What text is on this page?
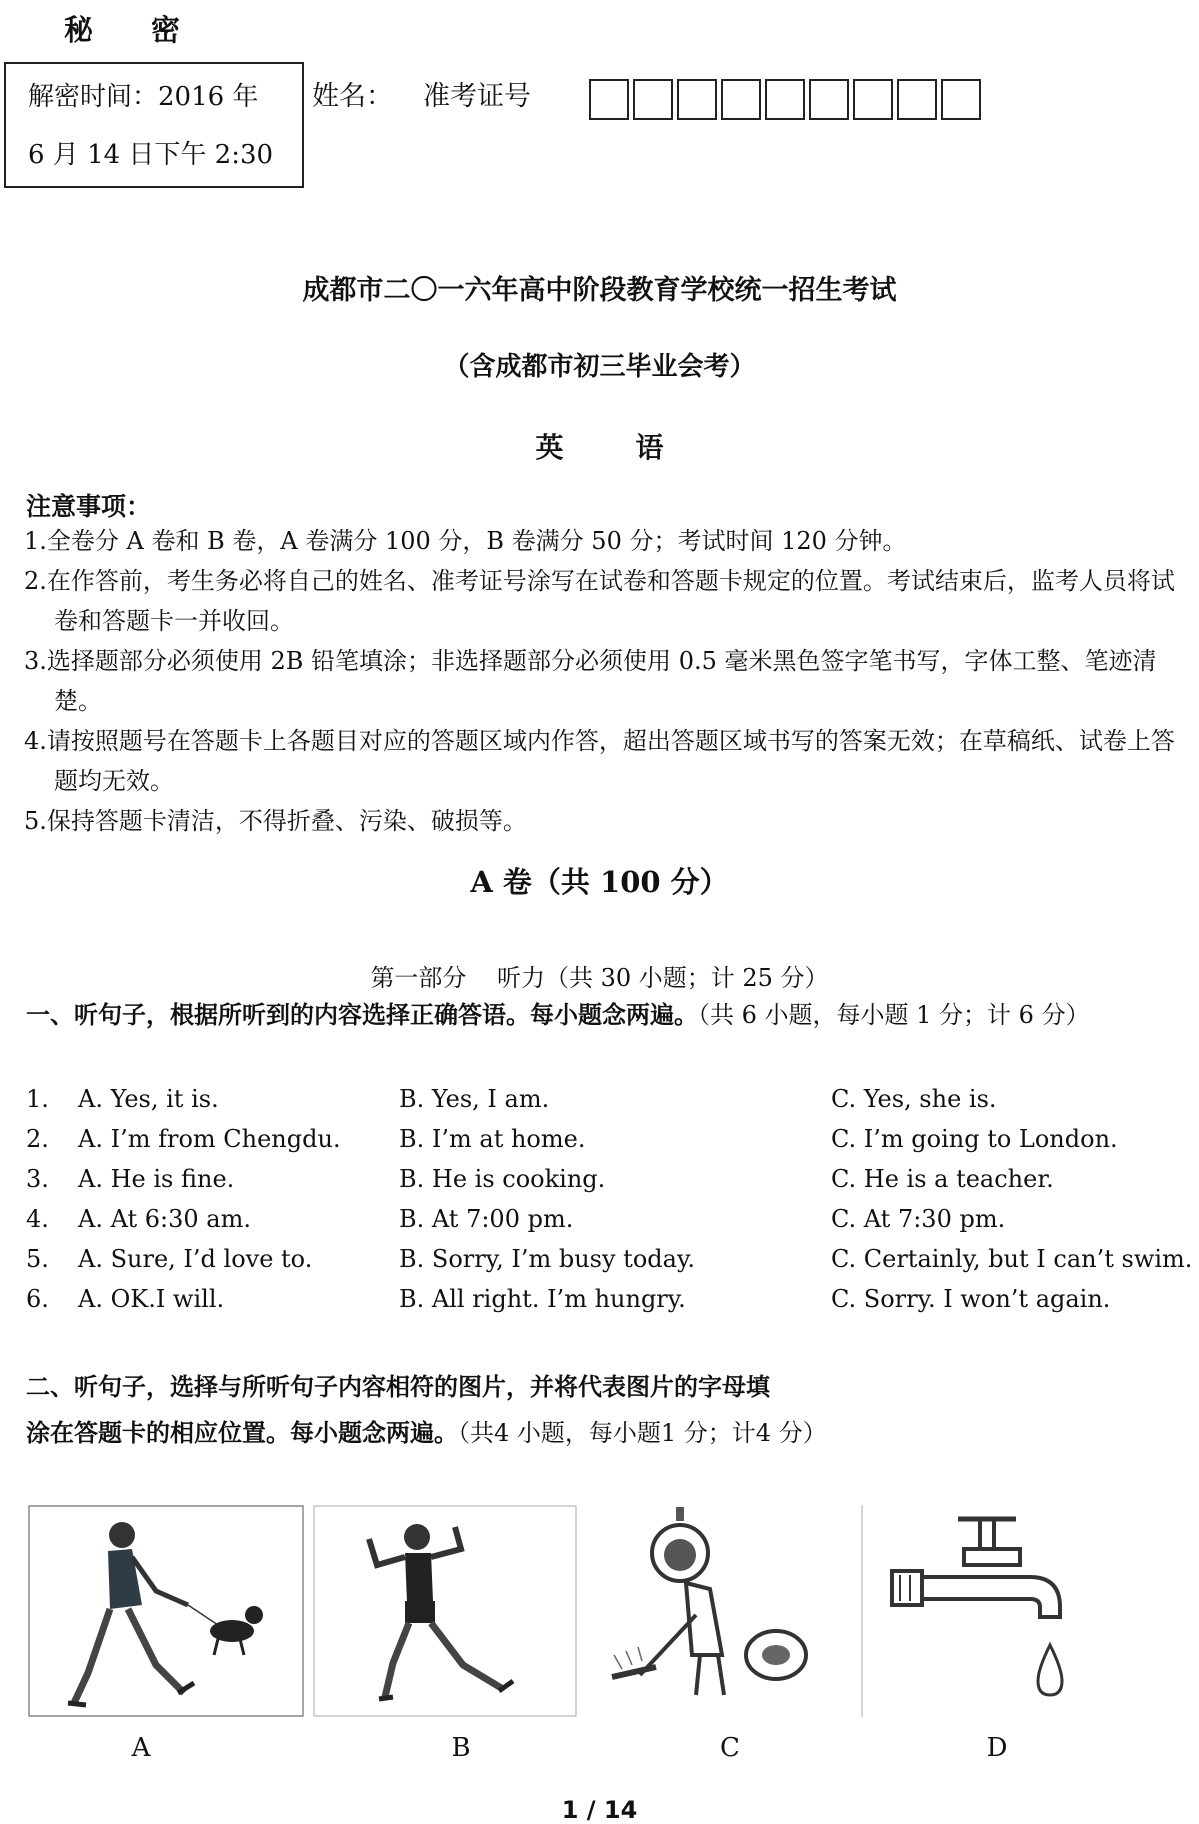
秘 密
解密时间：2016 年
6 月 14 日下午 2:30
姓名： 准考证号
成都市二〇一六年高中阶段教育学校统一招生考试
（含成都市初三毕业会考）
英	语
注意事项：
1.全卷分 A 卷和 B 卷，A 卷满分 100 分，B 卷满分 50 分；考试时间 120 分钟。
2.在作答前，考生务必将自己的姓名、准考证号涂写在试卷和答题卡规定的位置。考试结束后，监考人员将试卷和答题卡一并收回。
3.选择题部分必须使用 2B 铅笔填涂；非选择题部分必须使用 0.5 毫米黑色签字笔书写，字体工整、笔迹清楚。
4.请按照题号在答题卡上各题目对应的答题区域内作答，超出答题区域书写的答案无效；在草稿纸、试卷上答题均无效。
5.保持答题卡清洁，不得折叠、污染、破损等。
A 卷（共 100 分）
第一部分 听力（共 30 小题；计 25 分）
一、听句子，根据所听到的内容选择正确答语。每小题念两遍。（共 6 小题，每小题 1 分；计 6 分）
1. A. Yes, it is.	B. Yes, I am.	C. Yes, she is.
2. A. I’m from Chengdu. B. I’m at home.	C. I’m going to London.
3. A. He is fine.	B. He is cooking.	C. He is a teacher.
4. A. At 6:30 am.	B. At 7:00 pm.	C. At 7:30 pm.
5. A. Sure, I’d love to.	B. Sorry, I’m busy today.	C. Certainly, but I can’t swim.
6. A. OK.I will.	B. All right. I’m hungry.	C. Sorry. I won’t again.
二、听句子，选择与所听句子内容相符的图片，并将代表图片的字母填
涂在答题卡的相应位置。每小题念两遍。（共4 小题，每小题1 分；计4 分）
A	B	C	D
1 / 14
